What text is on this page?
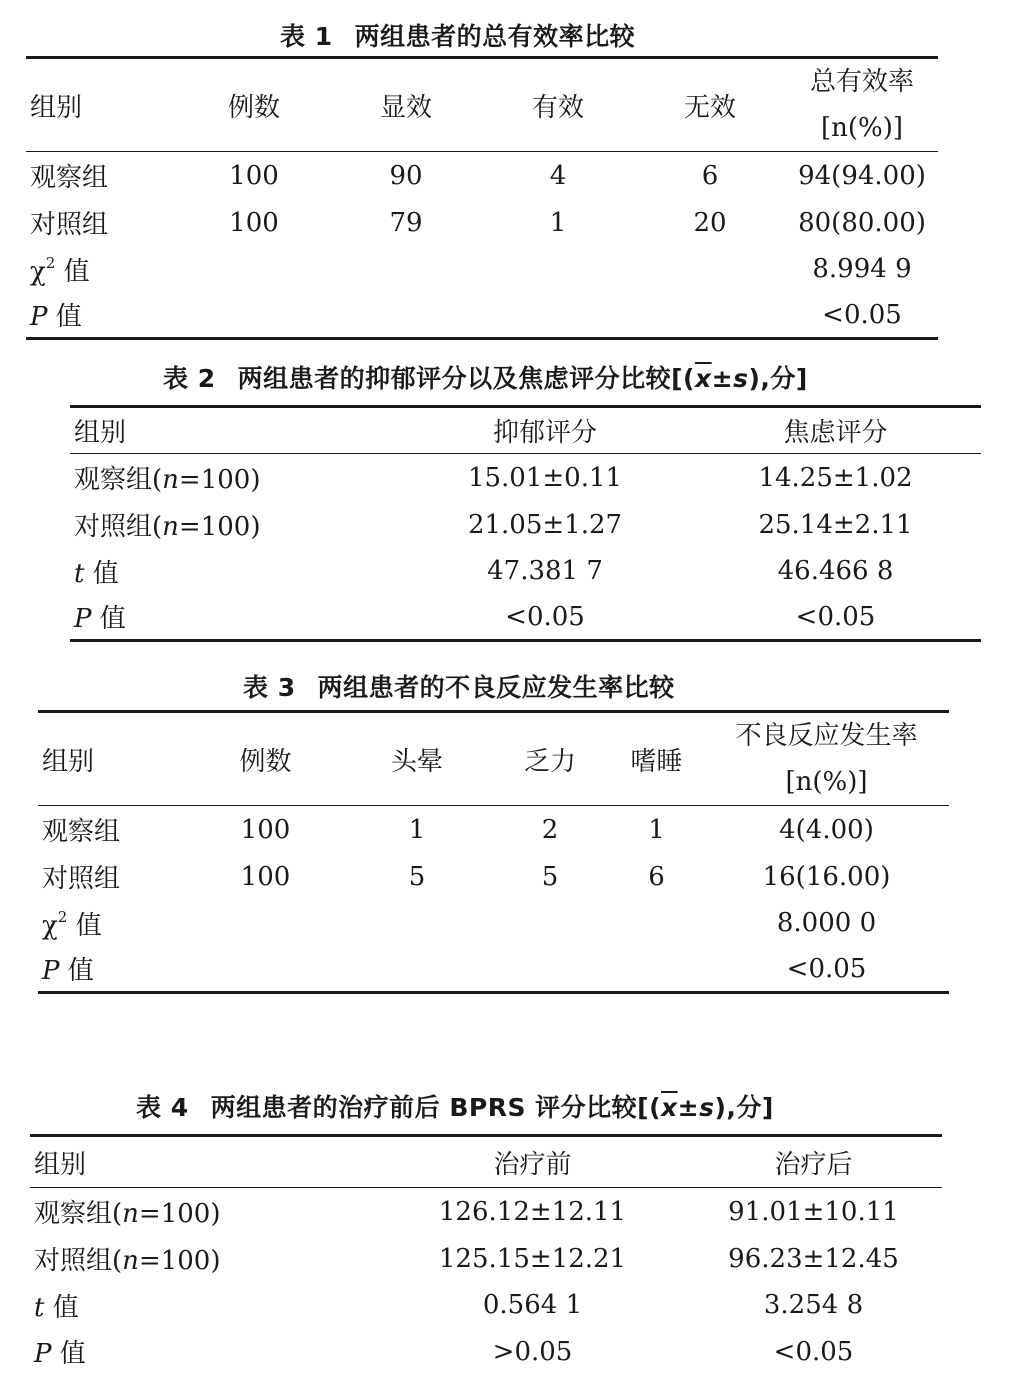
表 1 两组患者的总有效率比较
组别	例数	显效	有效	无效	总有效率
[n(%)]

观察组	100	90	4	6	94(94.00)
对照组	100	79	1	20	80(80.00)
$\chi^2$ 值					8.994 9
P 值					<0.05
表 2 两组患者的抑郁评分以及焦虑评分比较[$(\overline{x}\pm s)$,分]
组别	抑郁评分	焦虑评分
观察组(n=100)	15.01±0.11	14.25±1.02
对照组(n=100)	21.05±1.27	25.14±2.11
t 值	47.381 7	46.466 8
P 值	<0.05	<0.05
表 3 两组患者的不良反应发生率比较
组别	例数	头晕	乏力	嗜睡	不良反应发生率
[n(%)]

观察组	100	1	2	1	4(4.00)
对照组	100	5	5	6	16(16.00)
$\chi^2$ 值					8.000 0
P 值					<0.05
表 4 两组患者的治疗前后 BPRS 评分比较[$(\overline{x}\pm s)$,分]
组别	治疗前	治疗后
观察组(n=100)	126.12±12.11	91.01±10.11
对照组(n=100)	125.15±12.21	96.23±12.45
t 值	0.564 1	3.254 8
P 值	>0.05	<0.05
